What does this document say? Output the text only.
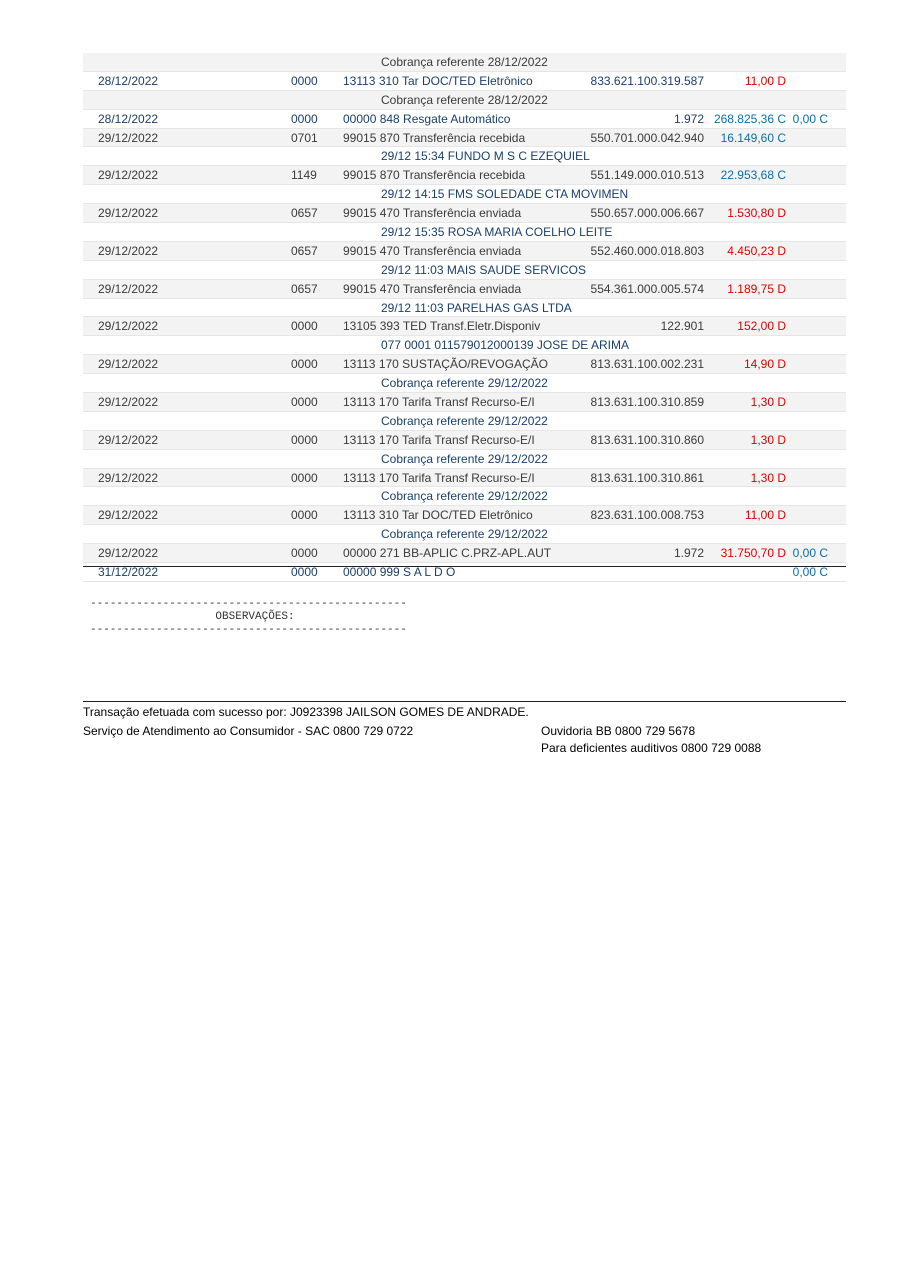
Cobrança referente 28/12/2022
28/12/2022	0000 13113 310 Tar DOC/TED Eletrônico	833.621.100.319.587	11,00 D
Cobrança referente 28/12/2022
28/12/2022	0000 00000 848 Resgate Automático	1.972 268.825,36 C 0,00 C
29/12/2022	0701 99015 870 Transferência recebida	550.701.000.042.940 16.149,60 C
29/12 15:34 FUNDO M S C EZEQUIEL
29/12/2022	1149 99015 870 Transferência recebida	551.149.000.010.513 22.953,68 C
29/12 14:15 FMS SOLEDADE CTA MOVIMEN
29/12/2022	0657 99015 470 Transferência enviada	550.657.000.006.667 1.530,80 D
29/12 15:35 ROSA MARIA COELHO LEITE
29/12/2022	0657 99015 470 Transferência enviada	552.460.000.018.803 4.450,23 D
29/12 11:03 MAIS SAUDE SERVICOS
29/12/2022	0657 99015 470 Transferência enviada	554.361.000.005.574 1.189,75 D
29/12 11:03 PARELHAS GAS LTDA
29/12/2022	0000 13105 393 TED Transf.Eletr.Disponiv	122.901	152,00 D
077 0001 011579012000139 JOSE DE ARIMA
29/12/2022	0000 13113 170 SUSTAÇÃO/REVOGAÇÃO	813.631.100.002.231	14,90 D
Cobrança referente 29/12/2022
29/12/2022	0000 13113 170 Tarifa Transf Recurso-E/I	813.631.100.310.859	1,30 D
Cobrança referente 29/12/2022
29/12/2022	0000 13113 170 Tarifa Transf Recurso-E/I	813.631.100.310.860	1,30 D
Cobrança referente 29/12/2022
29/12/2022	0000 13113 170 Tarifa Transf Recurso-E/I	813.631.100.310.861	1,30 D
Cobrança referente 29/12/2022
29/12/2022	0000 13113 310 Tar DOC/TED Eletrônico	823.631.100.008.753	11,00 D
Cobrança referente 29/12/2022
29/12/2022	0000 00000 271 BB-APLIC C.PRZ-APL.AUT	1.972 31.750,70 D 0,00 C
31/12/2022	0000 00000 999 S A L D O	0,00 C
------------------------------------------------
OBSERVAÇÕES:
------------------------------------------------
Transação efetuada com sucesso por: J0923398 JAILSON GOMES DE ANDRADE.
Serviço de Atendimento ao Consumidor - SAC 0800 729 0722	Ouvidoria BB 0800 729 5678
Para deficientes auditivos 0800 729 0088
